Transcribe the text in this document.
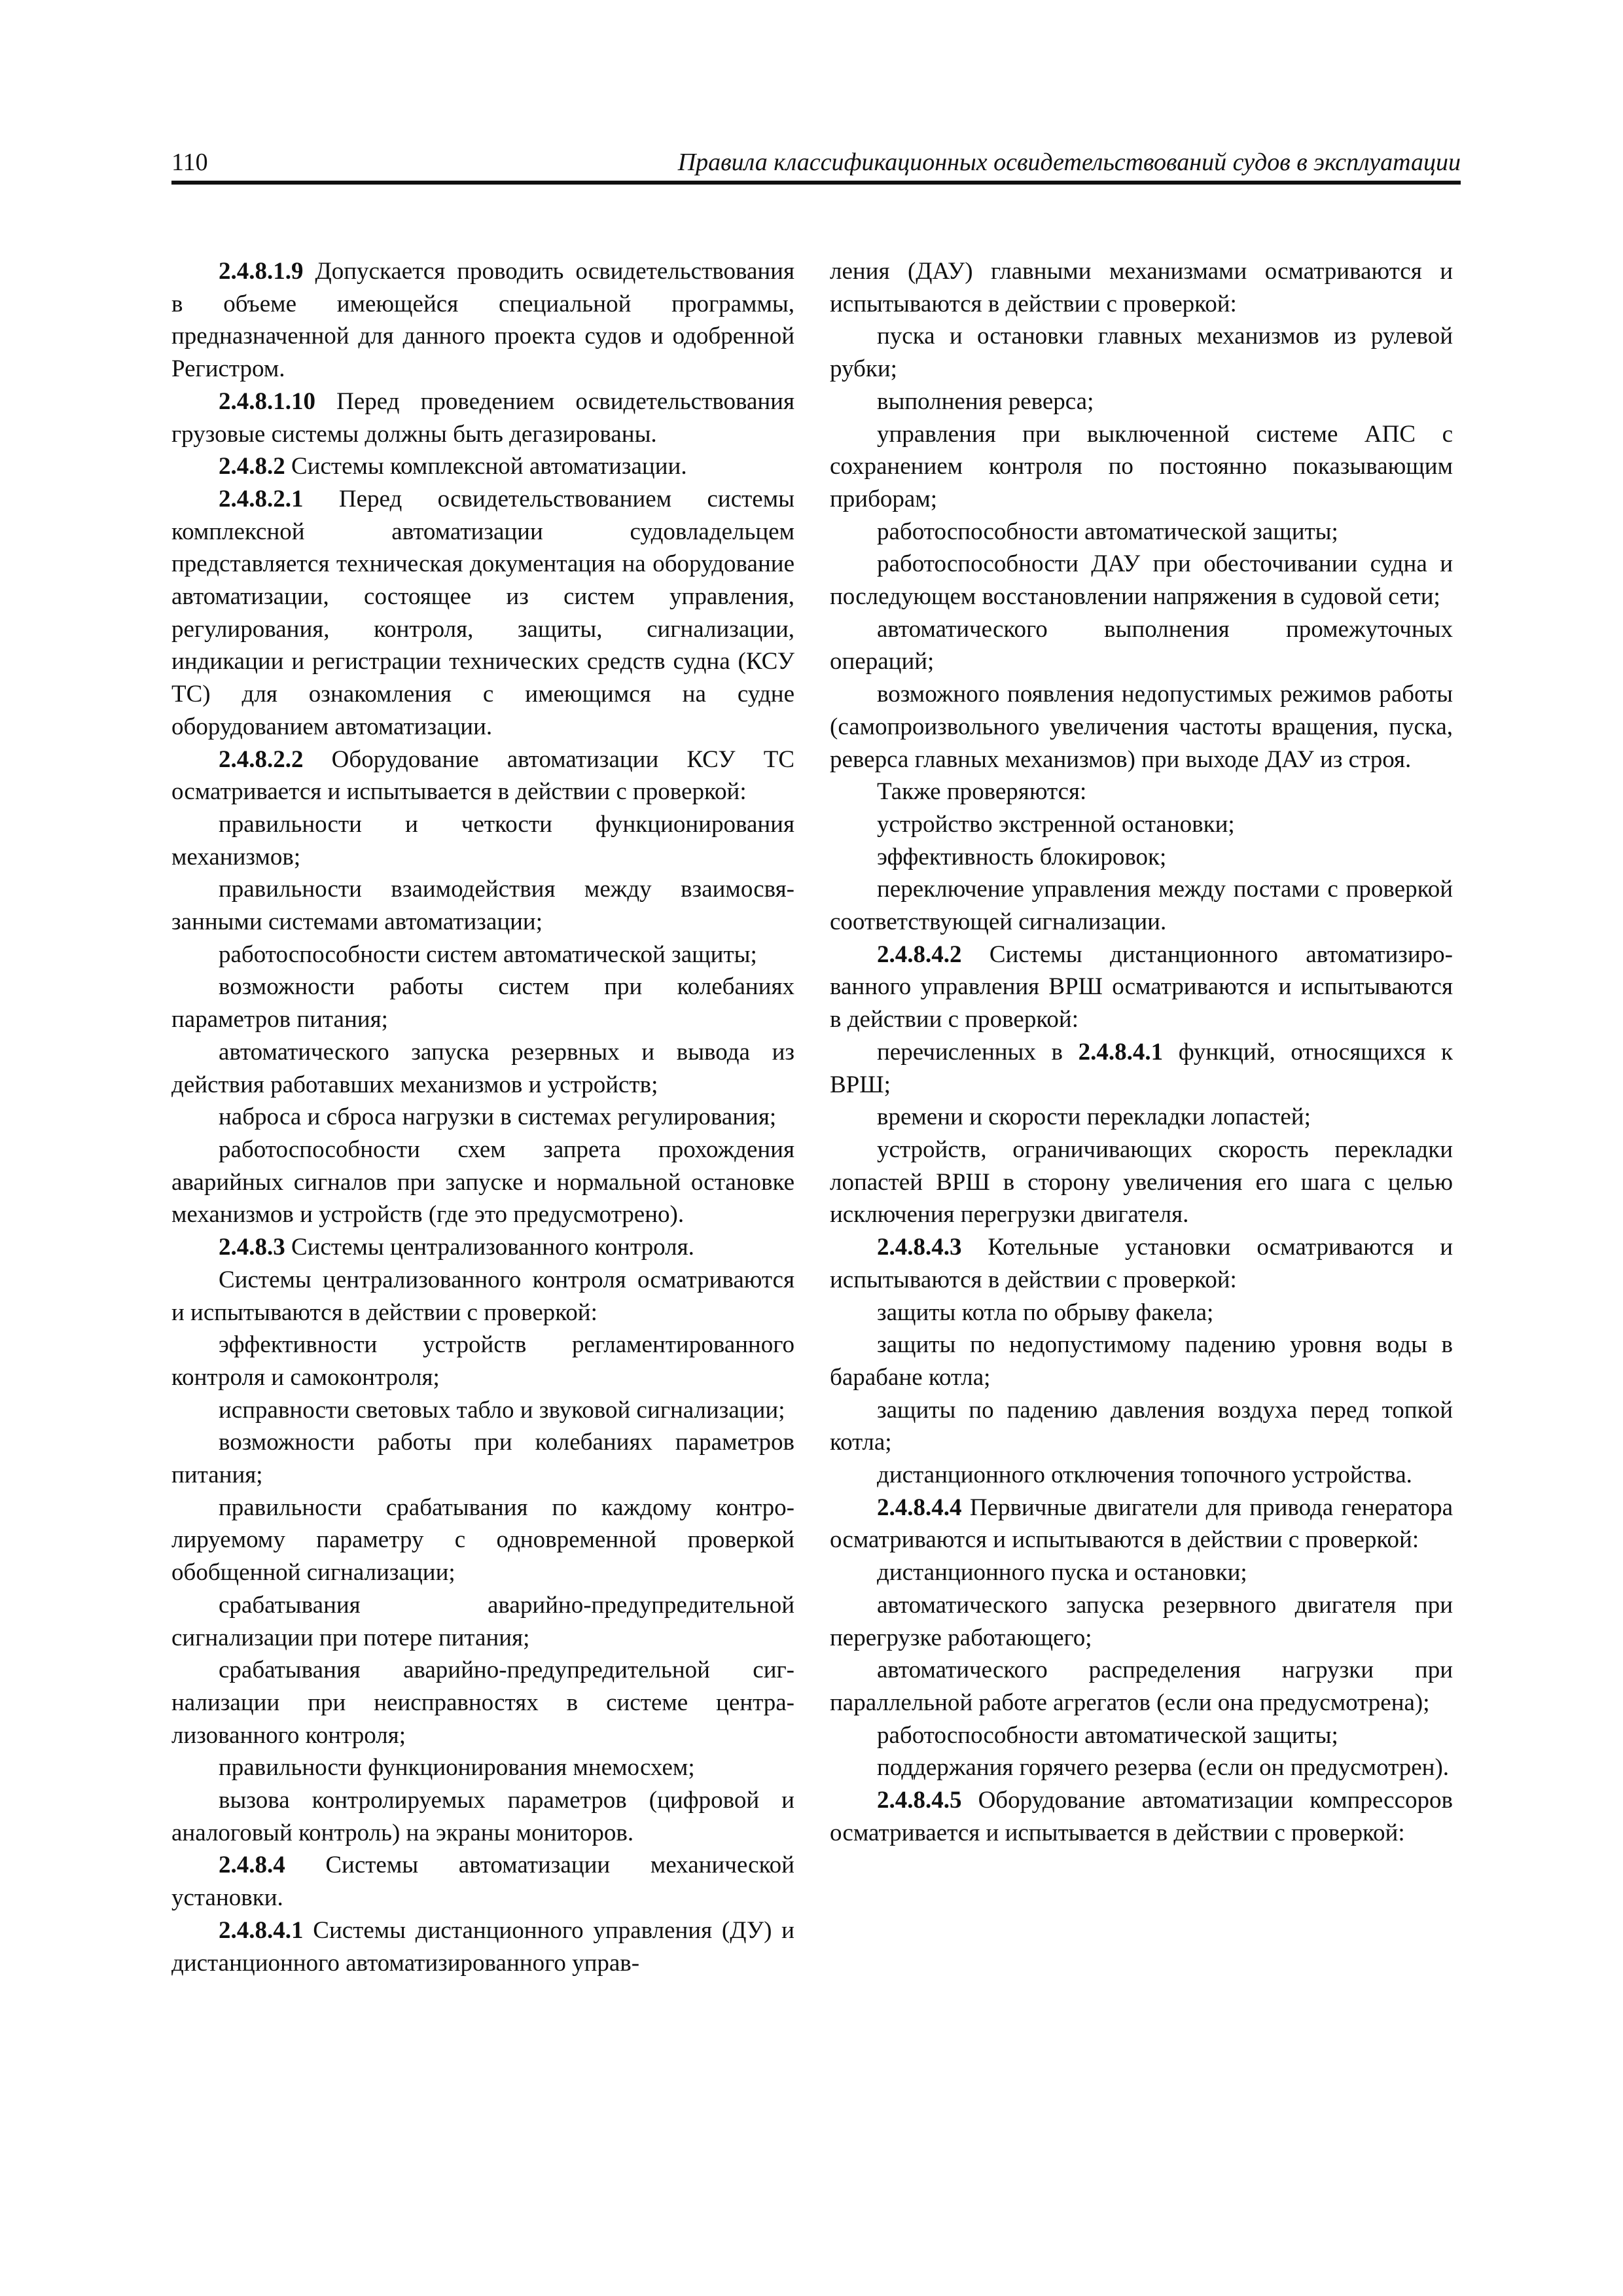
110	Правила классификационных освидетельствований судов в эксплуатации

2.4.8.1.9 Допускается проводить освидетельствования в объеме имеющейся специальной программы, предназначенной для данного проекта судов и одобренной Регистром.

2.4.8.1.10 Перед проведением освидетельствования грузовые системы должны быть дегазированы.

2.4.8.2 Системы комплексной автоматизации.

2.4.8.2.1 Перед освидетельствованием системы комплексной автоматизации судовладельцем представляется техническая документация на оборудование автоматизации, состоящее из систем управления, регулирования, контроля, защиты, сигнализации, индикации и регистрации технических средств судна (КСУ ТС) для ознакомления с имеющимся на судне оборудованием автоматизации.

2.4.8.2.2 Оборудование автоматизации КСУ ТС осматривается и испытывается в действии с проверкой:

правильности и четкости функционирования механизмов;

правильности взаимодействия между взаимосвязанными системами автоматизации;

работоспособности систем автоматической защиты;

возможности работы систем при колебаниях параметров питания;

автоматического запуска резервных и вывода из действия работавших механизмов и устройств;

наброса и сброса нагрузки в системах регулирования;

работоспособности схем запрета прохождения аварийных сигналов при запуске и нормальной остановке механизмов и устройств (где это предусмотрено).

2.4.8.3 Системы централизованного контроля.

Системы централизованного контроля осматриваются и испытываются в действии с проверкой:

эффективности устройств регламентированного контроля и самоконтроля;

исправности световых табло и звуковой сигнализации;

возможности работы при колебаниях параметров питания;

правильности срабатывания по каждому контролируемому параметру с одновременной проверкой обобщенной сигнализации;

срабатывания аварийно-предупредительной сигнализации при потере питания;

срабатывания аварийно-предупредительной сигнализации при неисправностях в системе централизованного контроля;

правильности функционирования мнемосхем;

вызова контролируемых параметров (цифровой и аналоговый контроль) на экраны мониторов.

2.4.8.4 Системы автоматизации механической установки.

2.4.8.4.1 Системы дистанционного управления (ДУ) и дистанционного автоматизированного управ-

ления (ДАУ) главными механизмами осматриваются и испытываются в действии с проверкой:

пуска и остановки главных механизмов из рулевой рубки;

выполнения реверса;

управления при выключенной системе АПС с сохранением контроля по постоянно показывающим приборам;

работоспособности автоматической защиты;

работоспособности ДАУ при обесточивании судна и последующем восстановлении напряжения в судовой сети;

автоматического выполнения промежуточных операций;

возможного появления недопустимых режимов работы (самопроизвольного увеличения частоты вращения, пуска, реверса главных механизмов) при выходе ДАУ из строя.

Также проверяются:

устройство экстренной остановки;

эффективность блокировок;

переключение управления между постами с проверкой соответствующей сигнализации.

2.4.8.4.2 Системы дистанционного автоматизированного управления ВРШ осматриваются и испытываются в действии с проверкой:

перечисленных в 2.4.8.4.1 функций, относящихся к ВРШ;

времени и скорости перекладки лопастей;

устройств, ограничивающих скорость перекладки лопастей ВРШ в сторону увеличения его шага с целью исключения перегрузки двигателя.

2.4.8.4.3 Котельные установки осматриваются и испытываются в действии с проверкой:

защиты котла по обрыву факела;

защиты по недопустимому падению уровня воды в барабане котла;

защиты по падению давления воздуха перед топкой котла;

дистанционного отключения топочного устройства.

2.4.8.4.4 Первичные двигатели для привода генератора осматриваются и испытываются в действии с проверкой:

дистанционного пуска и остановки;

автоматического запуска резервного двигателя при перегрузке работающего;

автоматического распределения нагрузки при параллельной работе агрегатов (если она предусмотрена);

работоспособности автоматической защиты;

поддержания горячего резерва (если он предусмотрен).

2.4.8.4.5 Оборудование автоматизации компрессоров осматривается и испытывается в действии с проверкой:
